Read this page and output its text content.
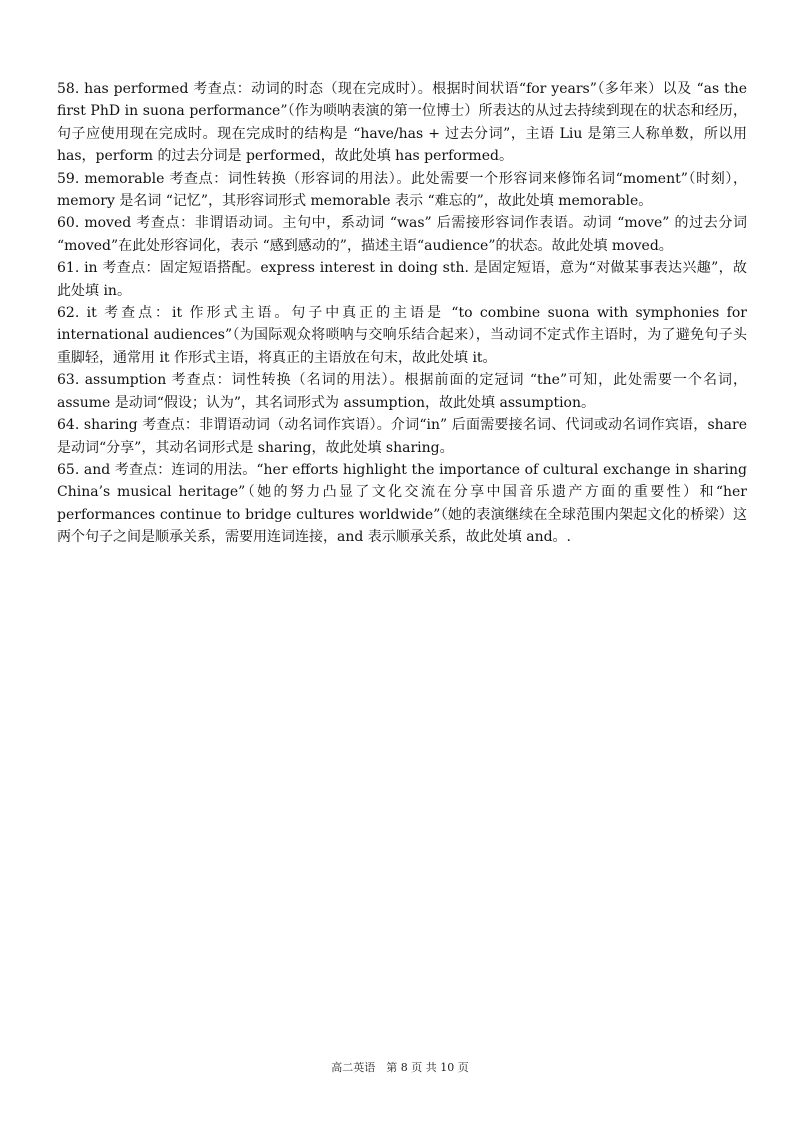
58. has performed 考查点：动词的时态（现在完成时）。根据时间状语“for years”（多年来）以及 “as the first PhD in suona performance”（作为唢呐表演的第一位博士）所表达的从过去持续到现在的状态和经历，句子应使用现在完成时。现在完成时的结构是 “have/has + 过去分词”，主语 Liu 是第三人称单数，所以用 has，perform 的过去分词是 performed，故此处填 has performed。

59. memorable 考查点：词性转换（形容词的用法）。此处需要一个形容词来修饰名词“moment”（时刻），memory 是名词 “记忆”，其形容词形式 memorable 表示 “难忘的”，故此处填 memorable。

60. moved 考查点：非谓语动词。主句中，系动词 “was” 后需接形容词作表语。动词 “move” 的过去分词 “moved”在此处形容词化，表示 “感到感动的”，描述主语“audience”的状态。故此处填 moved。

61. in 考查点：固定短语搭配。express interest in doing sth. 是固定短语，意为“对做某事表达兴趣”，故此处填 in。

62. it 考查点：it 作形式主语。句子中真正的主语是 “to combine suona with symphonies for international audiences”（为国际观众将唢呐与交响乐结合起来），当动词不定式作主语时，为了避免句子头重脚轻，通常用 it 作形式主语，将真正的主语放在句末，故此处填 it。

63. assumption 考查点：词性转换（名词的用法）。根据前面的定冠词 “the”可知，此处需要一个名词，assume 是动词“假设；认为”，其名词形式为 assumption，故此处填 assumption。

64. sharing 考查点：非谓语动词（动名词作宾语）。介词“in” 后面需要接名词、代词或动名词作宾语，share 是动词“分享”，其动名词形式是 sharing，故此处填 sharing。

65. and 考查点：连词的用法。“her efforts highlight the importance of cultural exchange in sharing China’s musical heritage”（她的努力凸显了文化交流在分享中国音乐遗产方面的重要性）和“her performances continue to bridge cultures worldwide”（她的表演继续在全球范围内架起文化的桥梁）这两个句子之间是顺承关系，需要用连词连接，and 表示顺承关系，故此处填 and。.

高二英语　第 8 页 共 10 页
